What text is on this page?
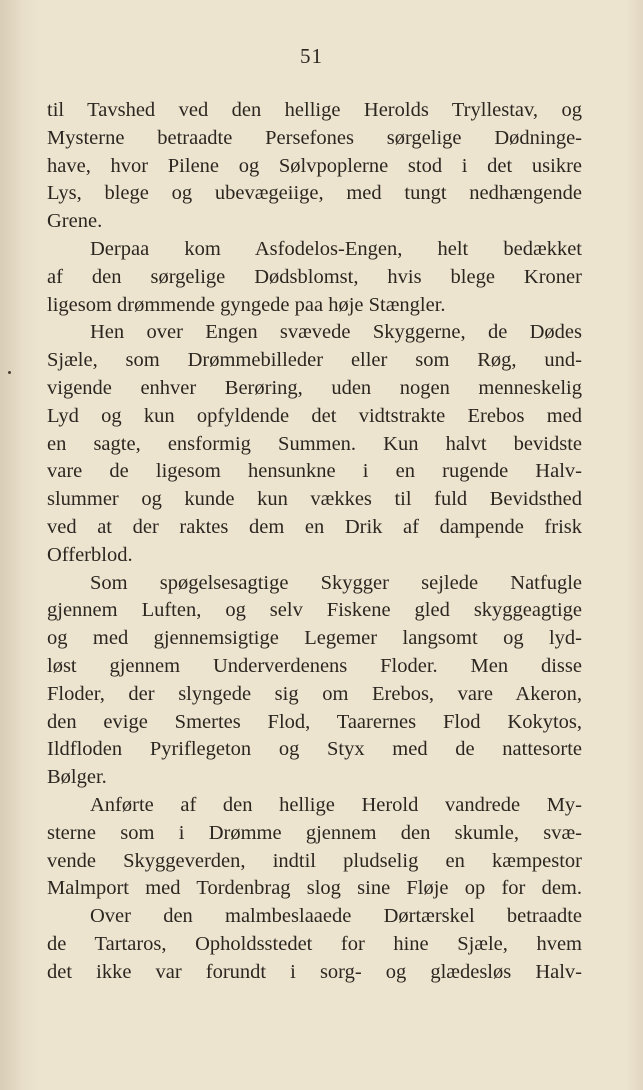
51
til Tavshed ved den hellige Herolds Tryllestav, og
Mysterne betraadte Persefones sørgelige Dødninge-
have, hvor Pilene og Sølvpoplerne stod i det usikre
Lys, blege og ubevægeiige, med tungt nedhængende
Grene.
Derpaa kom Asfodelos-Engen, helt bedækket
af den sørgelige Dødsblomst, hvis blege Kroner
ligesom drømmende gyngede paa høje Stængler.
Hen over Engen svævede Skyggerne, de Dødes
Sjæle, som Drømmebilleder eller som Røg, und-
vigende enhver Berøring, uden nogen menneskelig
Lyd og kun opfyldende det vidtstrakte Erebos med
en sagte, ensformig Summen. Kun halvt bevidste
vare de ligesom hensunkne i en rugende Halv-
slummer og kunde kun vækkes til fuld Bevidsthed
ved at der raktes dem en Drik af dampende frisk
Offerblod.
Som spøgelsesagtige Skygger sejlede Natfugle
gjennem Luften, og selv Fiskene gled skyggeagtige
og med gjennemsigtige Legemer langsomt og lyd-
løst gjennem Underverdenens Floder. Men disse
Floder, der slyngede sig om Erebos, vare Akeron,
den evige Smertes Flod, Taarernes Flod Kokytos,
Ildfloden Pyriflegeton og Styx med de nattesorte
Bølger.
Anførte af den hellige Herold vandrede My-
sterne som i Drømme gjennem den skumle, svæ-
vende Skyggeverden, indtil pludselig en kæmpestor
Malmport med Tordenbrag slog sine Fløje op for dem.
Over den malmbeslaaede Dørtærskel betraadte
de Tartaros, Opholdsstedet for hine Sjæle, hvem
det ikke var forundt i sorg- og glædesløs Halv-
